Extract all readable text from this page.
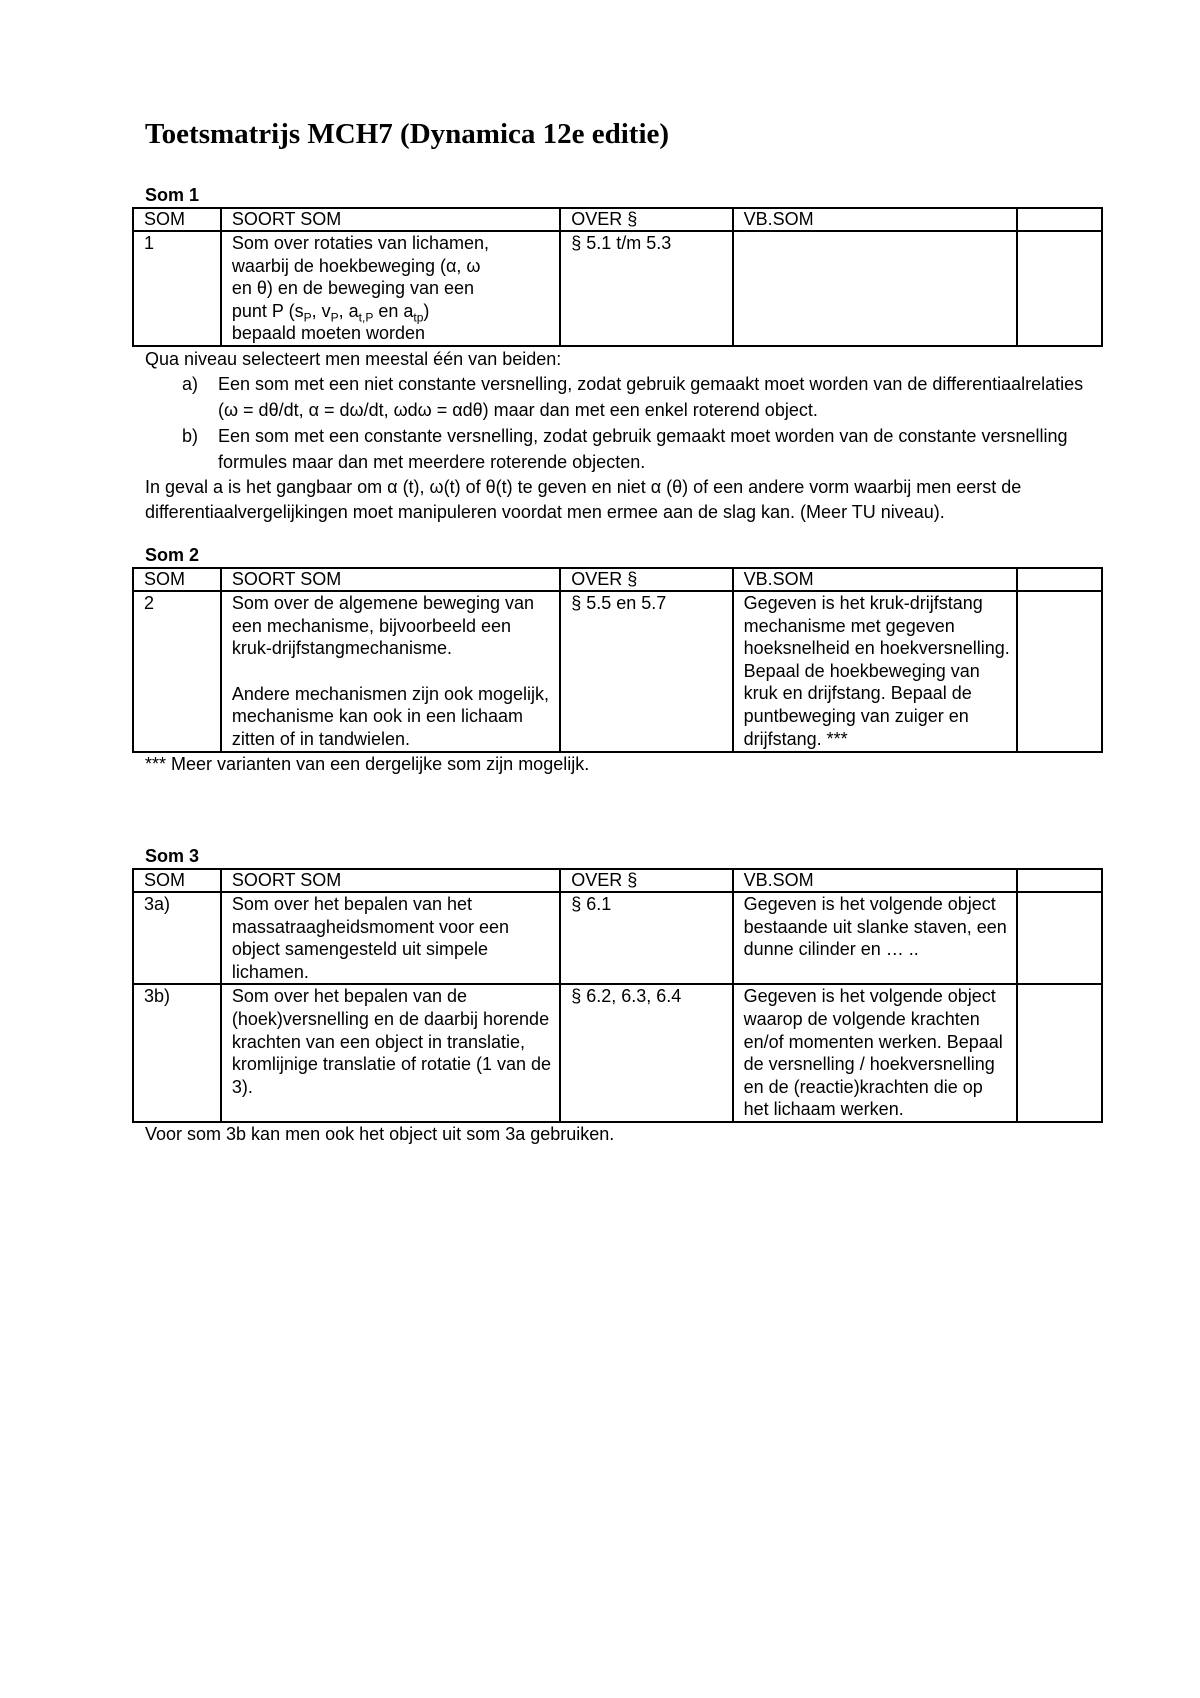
Toetsmatrijs MCH7 (Dynamica 12e editie)
Som 1
SOM	SOORT SOM	OVER §	VB.SOM	
1	Som over rotaties van lichamen,
waarbij de hoekbeweging (α, ω
en θ) en de beweging van een
punt P ($s_P$, $v_P$, $a_{t,P}$ en $a_{tp}$)
bepaald moeten worden	§ 5.1 t/m 5.3		

Qua niveau selecteert men meestal één van beiden:

a) Een som met een niet constante versnelling, zodat gebruik gemaakt moet worden van de differentiaalrelaties (ω = dθ/dt, α = dω/dt, ωdω = αdθ) maar dan met een enkel roterend object.
b) Een som met een constante versnelling, zodat gebruik gemaakt moet worden van de constante versnelling formules maar dan met meerdere roterende objecten.

In geval a is het gangbaar om α (t), ω(t) of θ(t) te geven en niet α (θ) of een andere vorm waarbij men eerst de differentiaalvergelijkingen moet manipuleren voordat men ermee aan de slag kan. (Meer TU niveau).

Som 2
SOM	SOORT SOM	OVER §	VB.SOM	
2	Som over de algemene beweging van een mechanisme, bijvoorbeeld een kruk-drijfstangmechanisme.
Andere mechanismen zijn ook mogelijk, mechanisme kan ook in een lichaam zitten of in tandwielen.	§ 5.5 en 5.7	Gegeven is het kruk-drijfstang mechanisme met gegeven hoeksnelheid en hoekversnelling. Bepaal de hoekbeweging van kruk en drijfstang. Bepaal de puntbeweging van zuiger en drijfstang. ***	

*** Meer varianten van een dergelijke som zijn mogelijk.

Som 3
SOM	SOORT SOM	OVER §	VB.SOM	
3a)	Som over het bepalen van het massatraagheidsmoment voor een object samengesteld uit simpele lichamen.	§ 6.1	Gegeven is het volgende object bestaande uit slanke staven, een dunne cilinder en … ..	
3b)	Som over het bepalen van de (hoek)versnelling en de daarbij horende krachten van een object in translatie, kromlijnige translatie of rotatie (1 van de 3).	§ 6.2, 6.3, 6.4	Gegeven is het volgende object waarop de volgende krachten en/of momenten werken. Bepaal de versnelling / hoekversnelling en de (reactie)krachten die op het lichaam werken.	

Voor som 3b kan men ook het object uit som 3a gebruiken.
